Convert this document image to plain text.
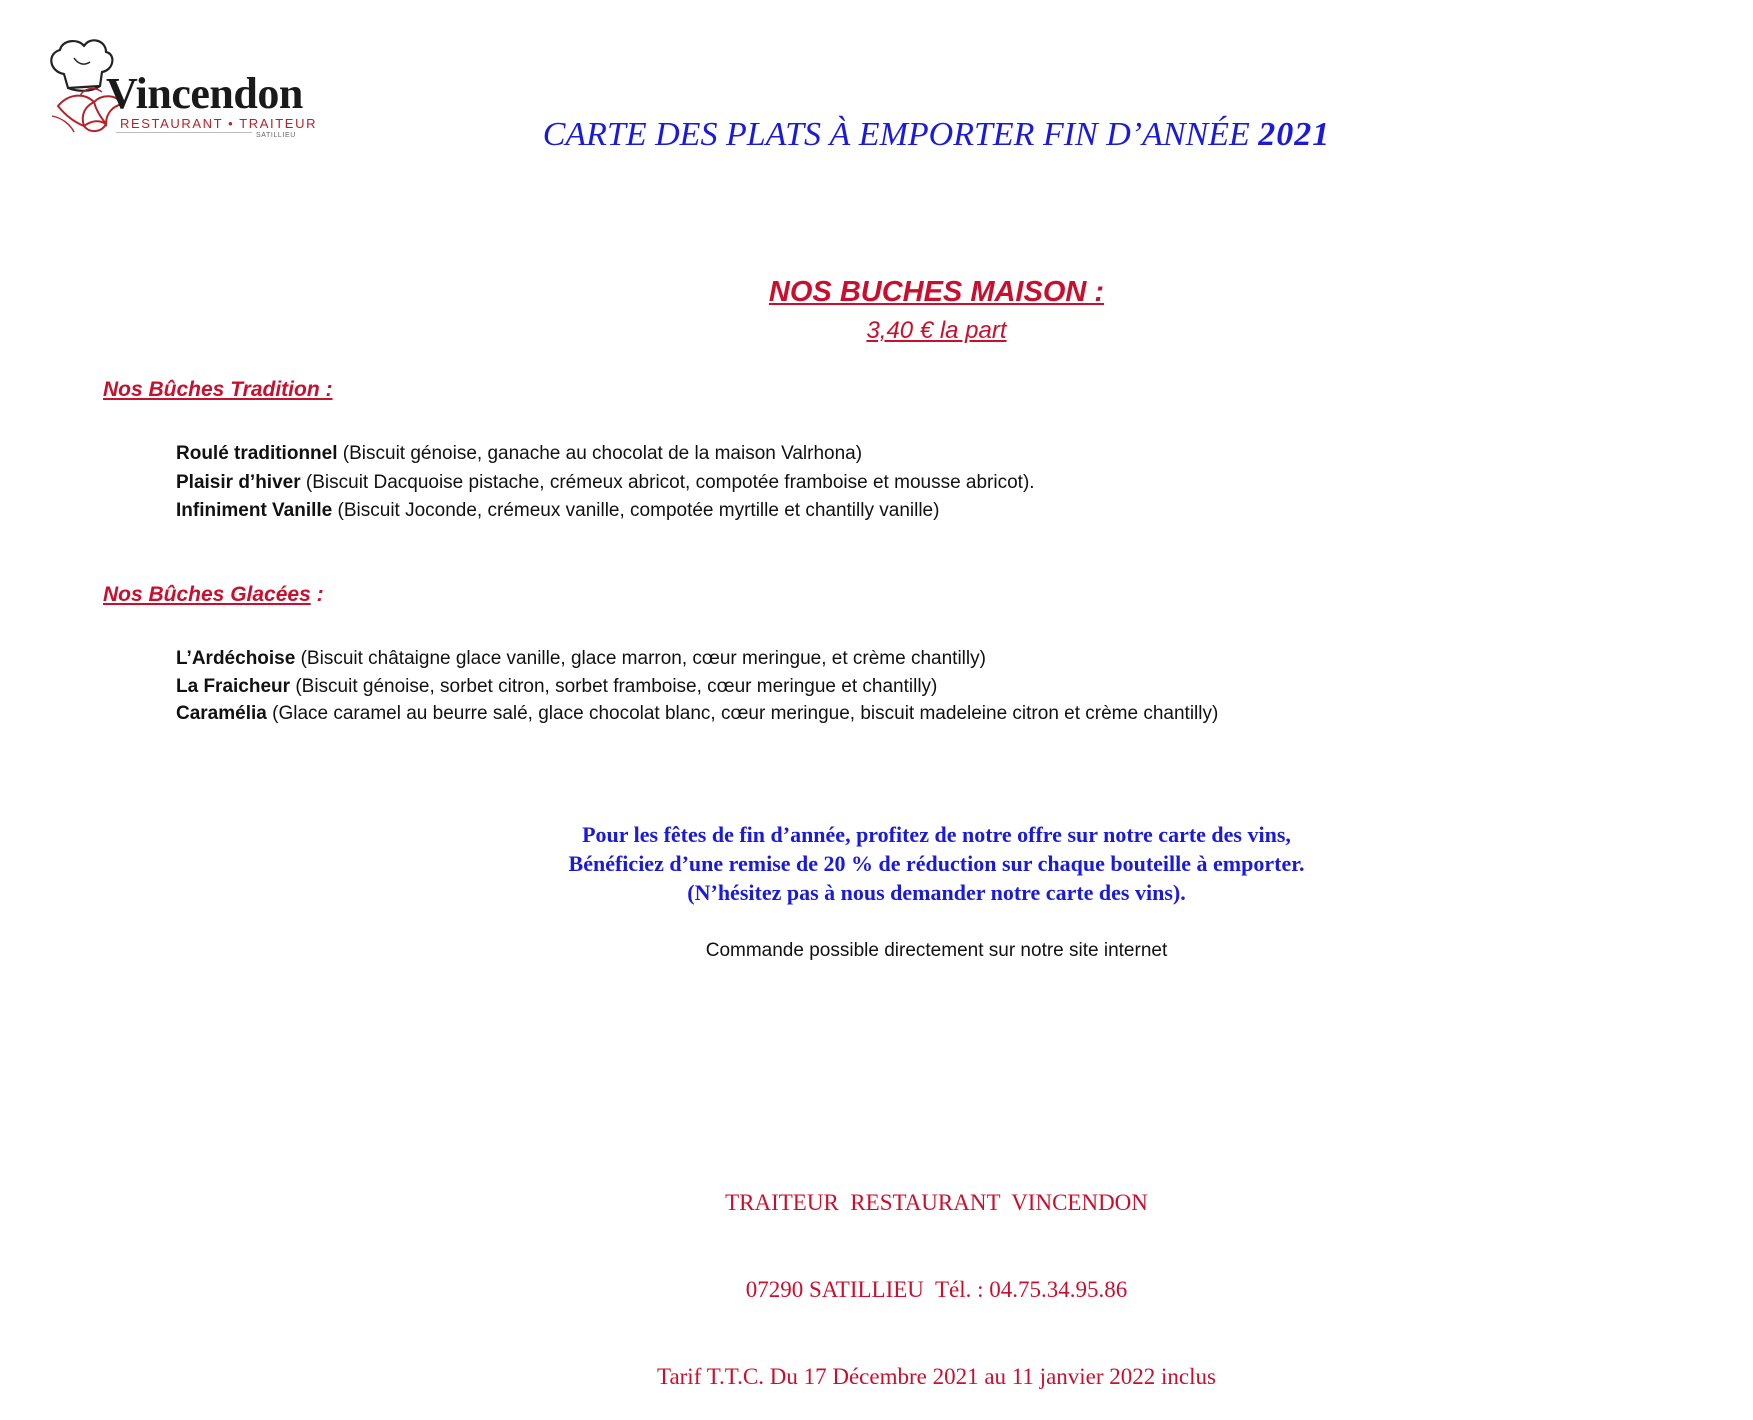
Vincendon
RESTAURANT • TRAITEUR
SATILLIEU	CARTE DES PLATS À EMPORTER FIN D’ANNÉE 2021
NOS BUCHES MAISON :
3,40 € la part
Nos Bûches Tradition :
Roulé traditionnel (Biscuit génoise, ganache au chocolat de la maison Valrhona)
Plaisir d’hiver (Biscuit Dacquoise pistache, crémeux abricot, compotée framboise et mousse abricot).
Infiniment Vanille (Biscuit Joconde, crémeux vanille, compotée myrtille et chantilly vanille)
Nos Bûches Glacées :
L’Ardéchoise (Biscuit châtaigne glace vanille, glace marron, cœur meringue, et crème chantilly)
La Fraicheur (Biscuit génoise, sorbet citron, sorbet framboise, cœur meringue et chantilly)
Caramélia (Glace caramel au beurre salé, glace chocolat blanc, cœur meringue, biscuit madeleine citron et crème chantilly)
Pour les fêtes de fin d’année, profitez de notre offre sur notre carte des vins,
Bénéficiez d’une remise de 20 % de réduction sur chaque bouteille à emporter.
(N’hésitez pas à nous demander notre carte des vins).
Commande possible directement sur notre site internet

TRAITEUR  RESTAURANT  VINCENDON

07290 SATILLIEU  Tél. : 04.75.34.95.86

Tarif T.T.C. Du 17 Décembre 2021 au 11 janvier 2022 inclus
